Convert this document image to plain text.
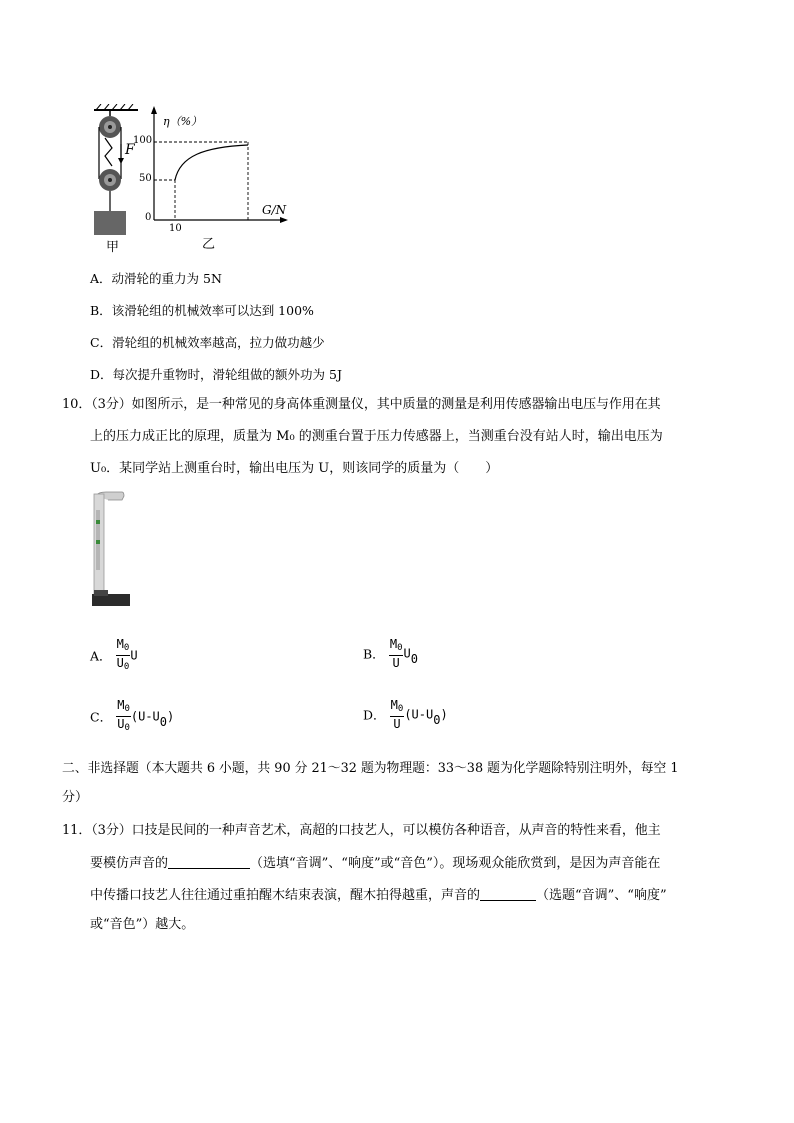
F
甲
η（%）
G/N
100
50
0
10
乙
A．动滑轮的重力为 5N
B．该滑轮组的机械效率可以达到 100%
C．滑轮组的机械效率越高，拉力做功越少
D．每次提升重物时，滑轮组做的额外功为 5J
10．（3分）如图所示，是一种常见的身高体重测量仪，其中质量的测量是利用传感器输出电压与作用在其
上的压力成正比的原理，质量为 M₀ 的测重台置于压力传感器上，当测重台没有站人时，输出电压为
U₀．某同学站上测重台时，输出电压为 U，则该同学的质量为（　　）
A． $\frac{M_0}{U_0}$ U	B． $\frac{M_0}{U} U0$
C． $\frac{M_0}{U_0} (U-U0)$	D． $\frac{M_0}{U} (U-U0)$
二、非选择题（本大题共 6 小题，共 90 分 21～32 题为物理题：33～38 题为化学题除特别注明外，每空 1
分）
11．（3分）口技是民间的一种声音艺术，高超的口技艺人，可以模仿各种语音，从声音的特性来看，他主
要模仿声音的	（选填“音调”、“响度”或“音色”）。现场观众能欣赏到，是因为声音能在
中传播口技艺人往往通过重拍醒木结束表演，醒木拍得越重，声音的	（选题“音调”、“响度”
或“音色”）越大。
